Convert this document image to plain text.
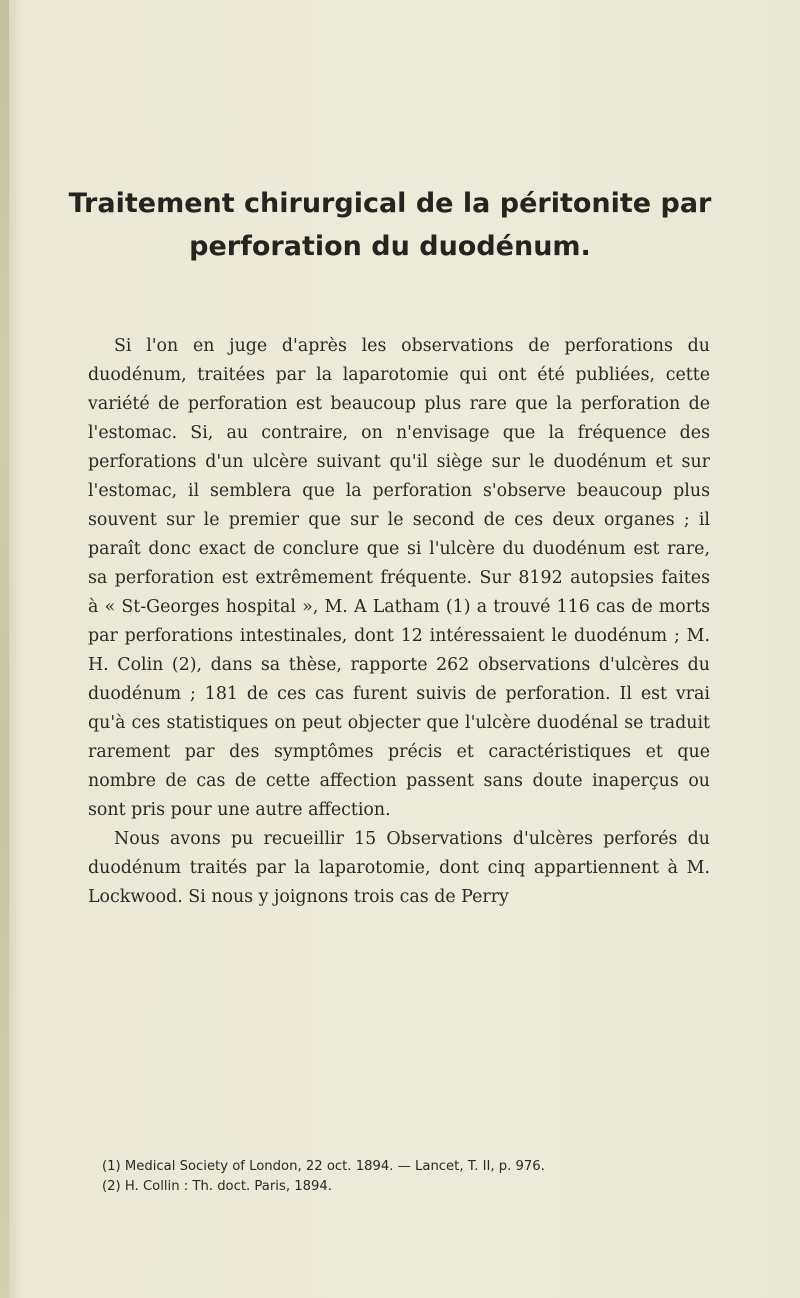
Traitement chirurgical de la péritonite par
perforation du duodénum.

Si l'on en juge d'après les observations de perforations du duodénum, traitées par la laparotomie qui ont été publiées, cette variété de perforation est beaucoup plus rare que la perforation de l'estomac. Si, au contraire, on n'envisage que la fréquence des perforations d'un ulcère suivant qu'il siège sur le duodénum et sur l'estomac, il semblera que la perforation s'observe beaucoup plus souvent sur le premier que sur le second de ces deux organes ; il paraît donc exact de conclure que si l'ulcère du duodénum est rare, sa perforation est extrêmement fréquente. Sur 8192 autopsies faites à « St-Georges hospital », M. A Latham (1) a trouvé 116 cas de morts par perforations intestinales, dont 12 intéressaient le duodénum ; M. H. Colin (2), dans sa thèse, rapporte 262 observations d'ulcères du duodénum ; 181 de ces cas furent suivis de perforation. Il est vrai qu'à ces statistiques on peut objecter que l'ulcère duodénal se traduit rarement par des symptômes précis et caractéristiques et que nombre de cas de cette affection passent sans doute inaperçus ou sont pris pour une autre affection.

Nous avons pu recueillir 15 Observations d'ulcères perforés du duodénum traités par la laparotomie, dont cinq appartiennent à M. Lockwood. Si nous y joignons trois cas de Perry

(1) Medical Society of London, 22 oct. 1894. — Lancet, T. II, p. 976.
(2) H. Collin : Th. doct. Paris, 1894.
